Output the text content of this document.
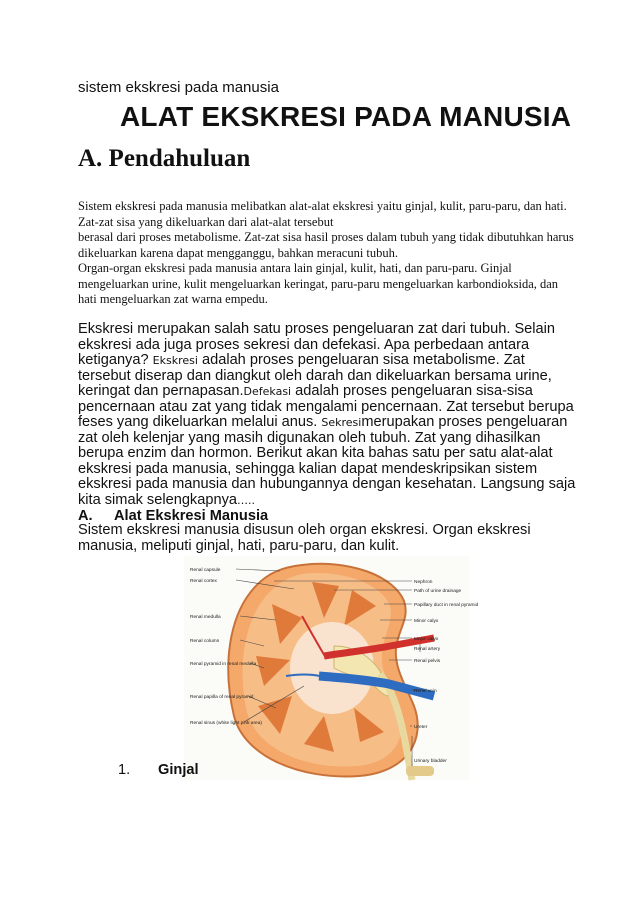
sistem ekskresi pada manusia
ALAT EKSKRESI PADA MANUSIA
A. Pendahuluan
Sistem ekskresi pada manusia melibatkan alat-alat ekskresi yaitu ginjal, kulit, paru-paru, dan hati. Zat-zat sisa yang dikeluarkan dari alat-alat tersebut
berasal dari proses metabolisme. Zat-zat sisa hasil proses dalam tubuh yang tidak dibutuhkan harus dikeluarkan karena dapat mengganggu, bahkan meracuni tubuh.
Organ-organ ekskresi pada manusia antara lain ginjal, kulit, hati, dan paru-paru. Ginjal mengeluarkan urine, kulit mengeluarkan keringat, paru-paru mengeluarkan karbondioksida, dan hati mengeluarkan zat warna empedu.
Ekskresi merupakan salah satu proses pengeluaran zat dari tubuh. Selain ekskresi ada juga proses sekresi dan defekasi. Apa perbedaan antara ketiganya? Ekskresi adalah proses pengeluaran sisa metabolisme. Zat tersebut diserap dan diangkut oleh darah dan dikeluarkan bersama urine, keringat dan pernapasan.Defekasi adalah proses pengeluaran sisa-sisa pencernaan atau zat yang tidak mengalami pencernaan. Zat tersebut berupa feses yang dikeluarkan melalui anus. Sekresimerupakan proses pengeluaran zat oleh kelenjar yang masih digunakan oleh tubuh. Zat yang dihasilkan berupa enzim dan hormon. Berikut akan kita bahas satu per satu alat-alat ekskresi pada manusia, sehingga kalian dapat mendeskripsikan sistem ekskresi pada manusia dan hubungannya dengan kesehatan. Langsung saja kita simak selengkapnya…..
A. Alat Ekskresi Manusia
Sistem ekskresi manusia disusun oleh organ ekskresi. Organ ekskresi manusia, meliputi ginjal, hati, paru-paru, dan kulit.
Renal capsule
Renal cortex
Renal medulla
Renal column
Renal pyramid in renal medulla
Renal papilla of renal pyramid
Renal sinus (white light pink area)
Nephron
Path of urine drainage
Papillary duct in renal pyramid
Minor calyx
Major calyx
Renal artery
Renal pelvis
Renal vein
Ureter
Urinary bladder
1. Ginjal
